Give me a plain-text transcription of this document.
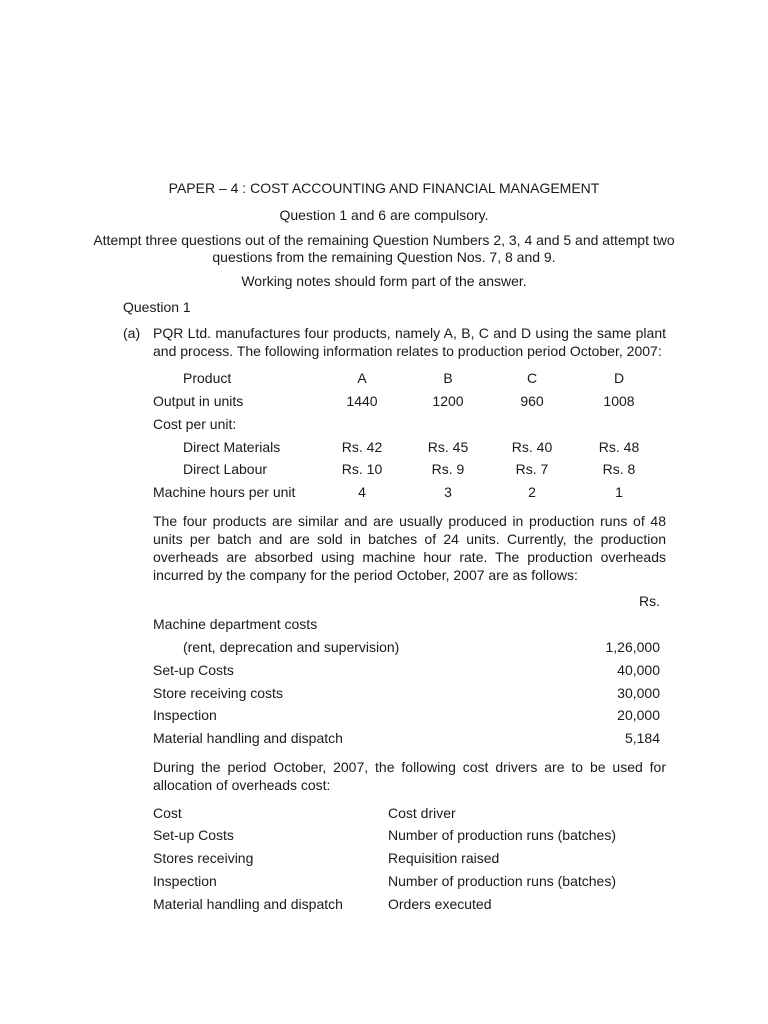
PAPER – 4 : COST ACCOUNTING AND FINANCIAL MANAGEMENT
Question 1 and 6 are compulsory.
Attempt three questions out of the remaining Question Numbers 2, 3, 4 and 5 and attempt two
questions from the remaining Question Nos. 7, 8 and 9.
Working notes should form part of the answer.
Question 1
(a) PQR Ltd. manufactures four products, namely A, B, C and D using the same plant and process. The following information relates to production period October, 2007:
Product	A	B	C	D
Output in units	1440	1200	960	1008
Cost per unit:
Direct Materials	Rs. 42	Rs. 45	Rs. 40	Rs. 48
Direct Labour	Rs. 10	Rs. 9	Rs. 7	Rs. 8
Machine hours per unit	4	3	2	1
The four products are similar and are usually produced in production runs of 48 units per batch and are sold in batches of 24 units. Currently, the production overheads are absorbed using machine hour rate. The production overheads incurred by the company for the period October, 2007 are as follows:
Rs.
Machine department costs
(rent, deprecation and supervision)	1,26,000
Set-up Costs	40,000
Store receiving costs	30,000
Inspection	20,000
Material handling and dispatch	5,184
During the period October, 2007, the following cost drivers are to be used for allocation of overheads cost:
Cost	Cost driver
Set-up Costs	Number of production runs (batches)
Stores receiving	Requisition raised
Inspection	Number of production runs (batches)
Material handling and dispatch	Orders executed
